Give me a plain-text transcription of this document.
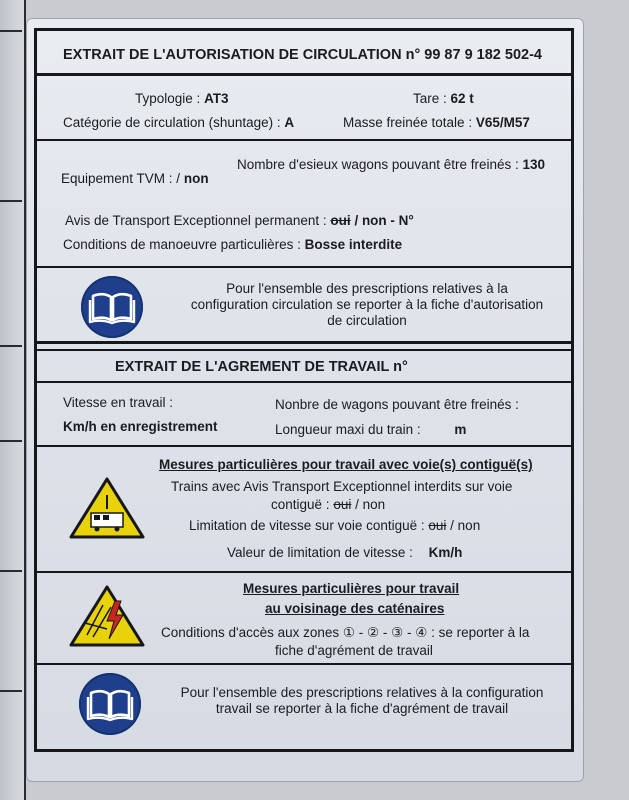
EXTRAIT DE L'AUTORISATION DE CIRCULATION n° 99 87 9 182 502-4
Typologie : AT3	Tare : 62 t
Catégorie de circulation (shuntage) : A	Masse freinée totale : V65/M57
Nombre d'esieux wagons pouvant être freinés : 130
Equipement TVM : / non
Avis de Transport Exceptionnel permanent : oui / non - N°
Conditions de manoeuvre particulières : Bosse interdite
Pour l'ensemble des prescriptions relatives à la configuration circulation se reporter à la fiche d'autorisation de circulation
EXTRAIT DE L'AGREMENT DE TRAVAIL n°
Vitesse en travail :	Nonbre de wagons pouvant être freinés :
Km/h en enregistrement	Longueur maxi du train :	m
Mesures particulières pour travail avec voie(s) contiguë(s)
Trains avec Avis Transport Exceptionnel interdits sur voie
contiguë : oui / non
Limitation de vitesse sur voie contiguë : oui / non
Valeur de limitation de vitesse : Km/h
Mesures particulières pour travail
au voisinage des caténaires
Conditions d'accès aux zones ① - ② - ③ - ④ : se reporter à la
fiche d'agrément de travail
Pour l'ensemble des prescriptions relatives à la configuration travail se reporter à la fiche d'agrément de travail
